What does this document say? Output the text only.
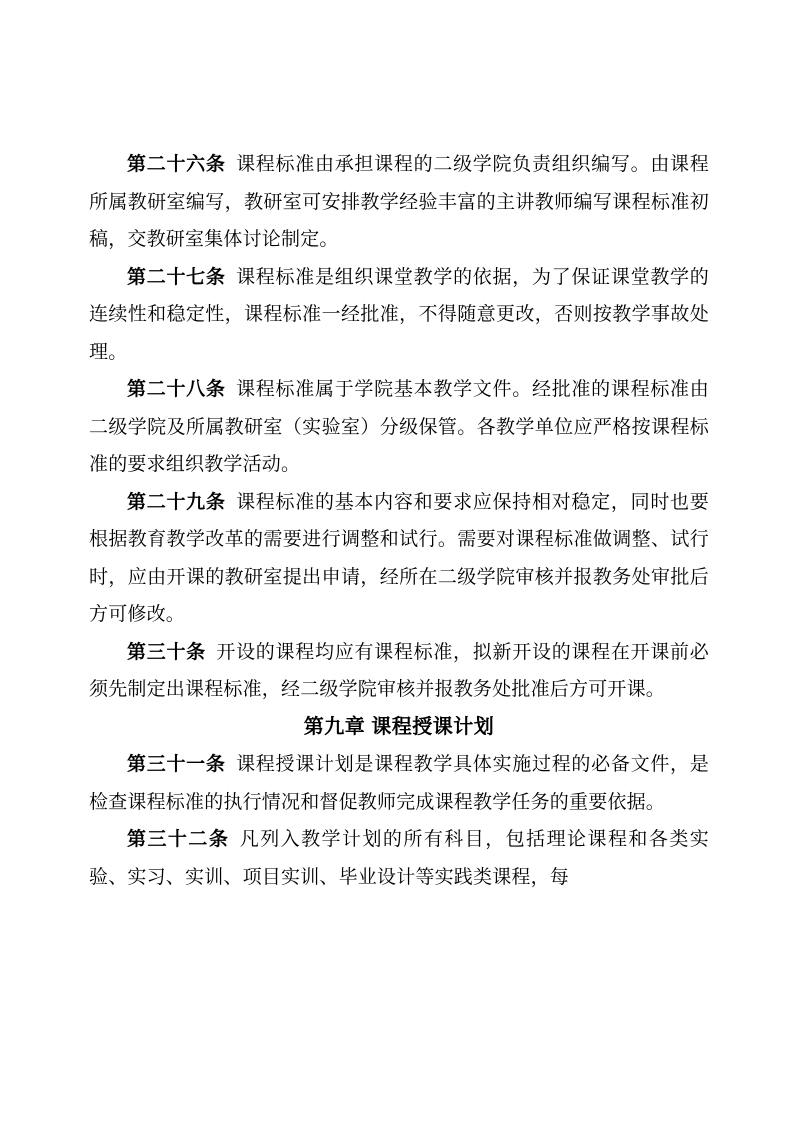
第二十六条 课程标准由承担课程的二级学院负责组织编写。由课程所属教研室编写，教研室可安排教学经验丰富的主讲教师编写课程标准初稿，交教研室集体讨论制定。

第二十七条 课程标准是组织课堂教学的依据，为了保证课堂教学的连续性和稳定性，课程标准一经批准，不得随意更改，否则按教学事故处理。

第二十八条 课程标准属于学院基本教学文件。经批准的课程标准由二级学院及所属教研室（实验室）分级保管。各教学单位应严格按课程标准的要求组织教学活动。

第二十九条 课程标准的基本内容和要求应保持相对稳定，同时也要根据教育教学改革的需要进行调整和试行。需要对课程标准做调整、试行时，应由开课的教研室提出申请，经所在二级学院审核并报教务处审批后方可修改。

第三十条 开设的课程均应有课程标准，拟新开设的课程在开课前必须先制定出课程标准，经二级学院审核并报教务处批准后方可开课。

第九章 课程授课计划

第三十一条 课程授课计划是课程教学具体实施过程的必备文件，是检查课程标准的执行情况和督促教师完成课程教学任务的重要依据。

第三十二条 凡列入教学计划的所有科目，包括理论课程和各类实验、实习、实训、项目实训、毕业设计等实践类课程，每
